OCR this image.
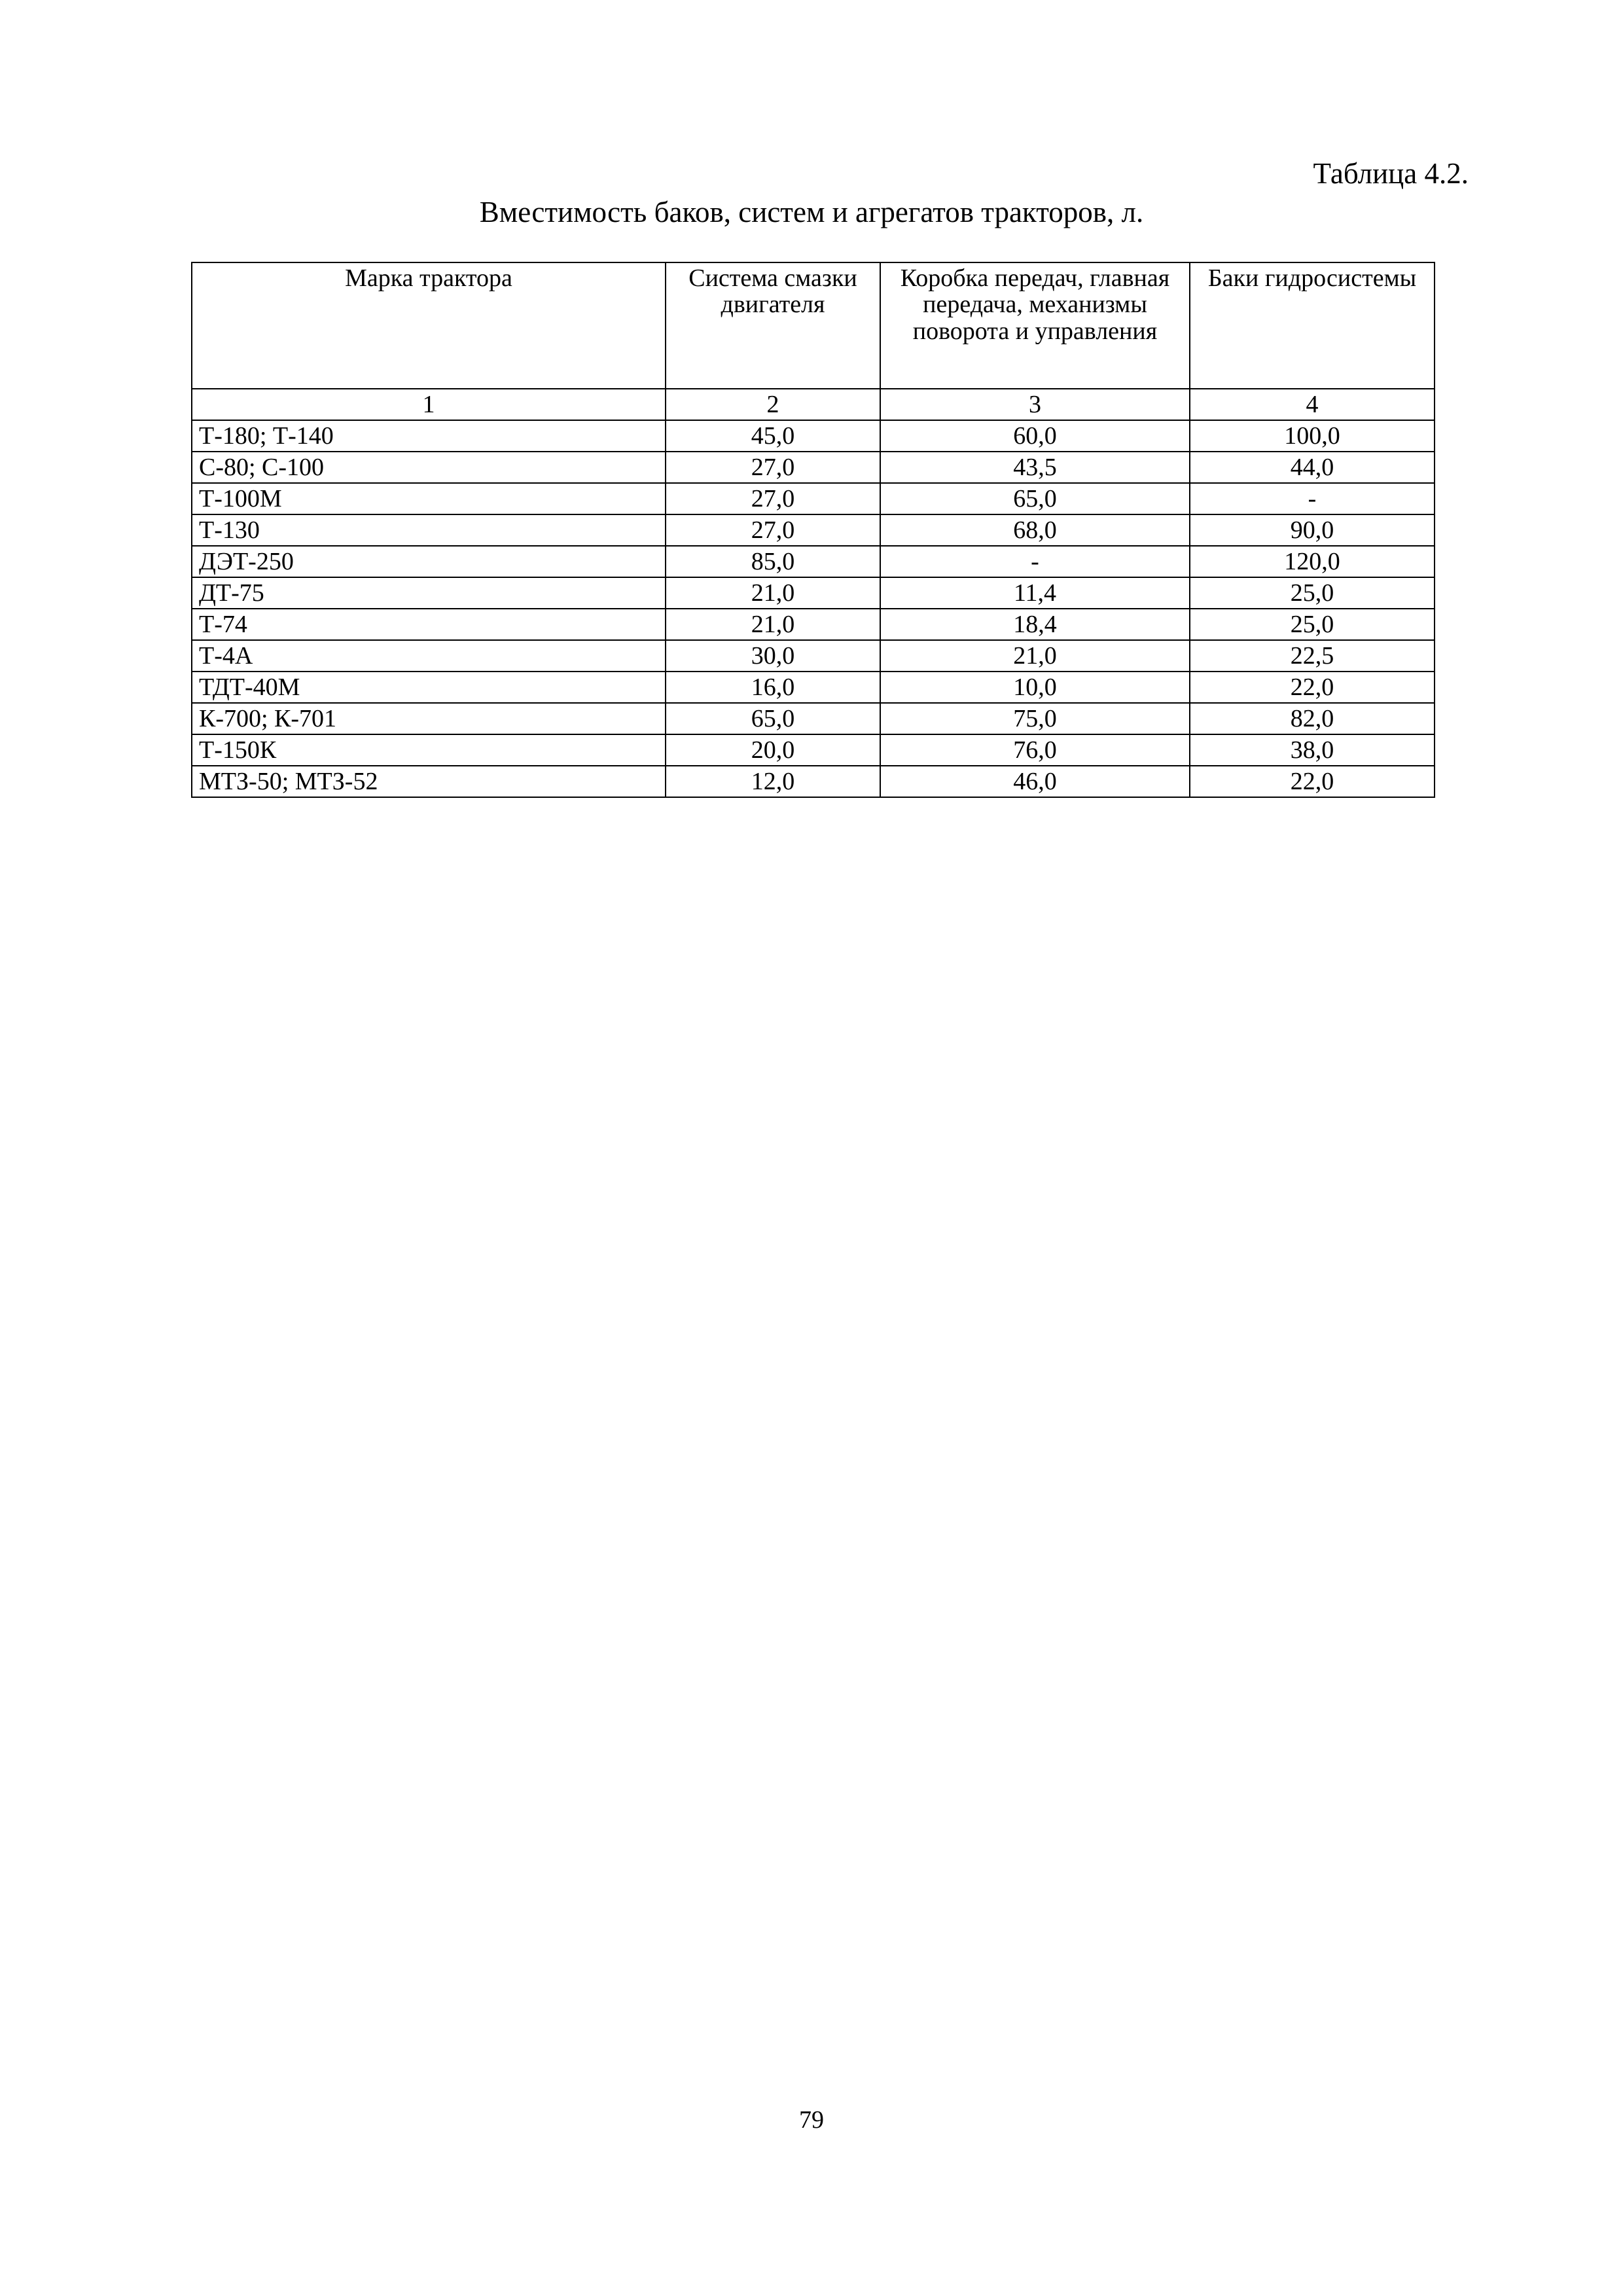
Таблица 4.2.
Вместимость баков, систем и агрегатов тракторов, л.
Марка трактора	Система смазки двигателя	Коробка передач, главная передача, механизмы поворота и управления	Баки гидросистемы
1	2	3	4
Т-180; Т-140	45,0	60,0	100,0
С-80; С-100	27,0	43,5	44,0
Т-100М	27,0	65,0	-
Т-130	27,0	68,0	90,0
ДЭТ-250	85,0	-	120,0
ДТ-75	21,0	11,4	25,0
Т-74	21,0	18,4	25,0
Т-4А	30,0	21,0	22,5
ТДТ-40М	16,0	10,0	22,0
К-700; К-701	65,0	75,0	82,0
Т-150К	20,0	76,0	38,0
МТЗ-50; МТЗ-52	12,0	46,0	22,0
79
